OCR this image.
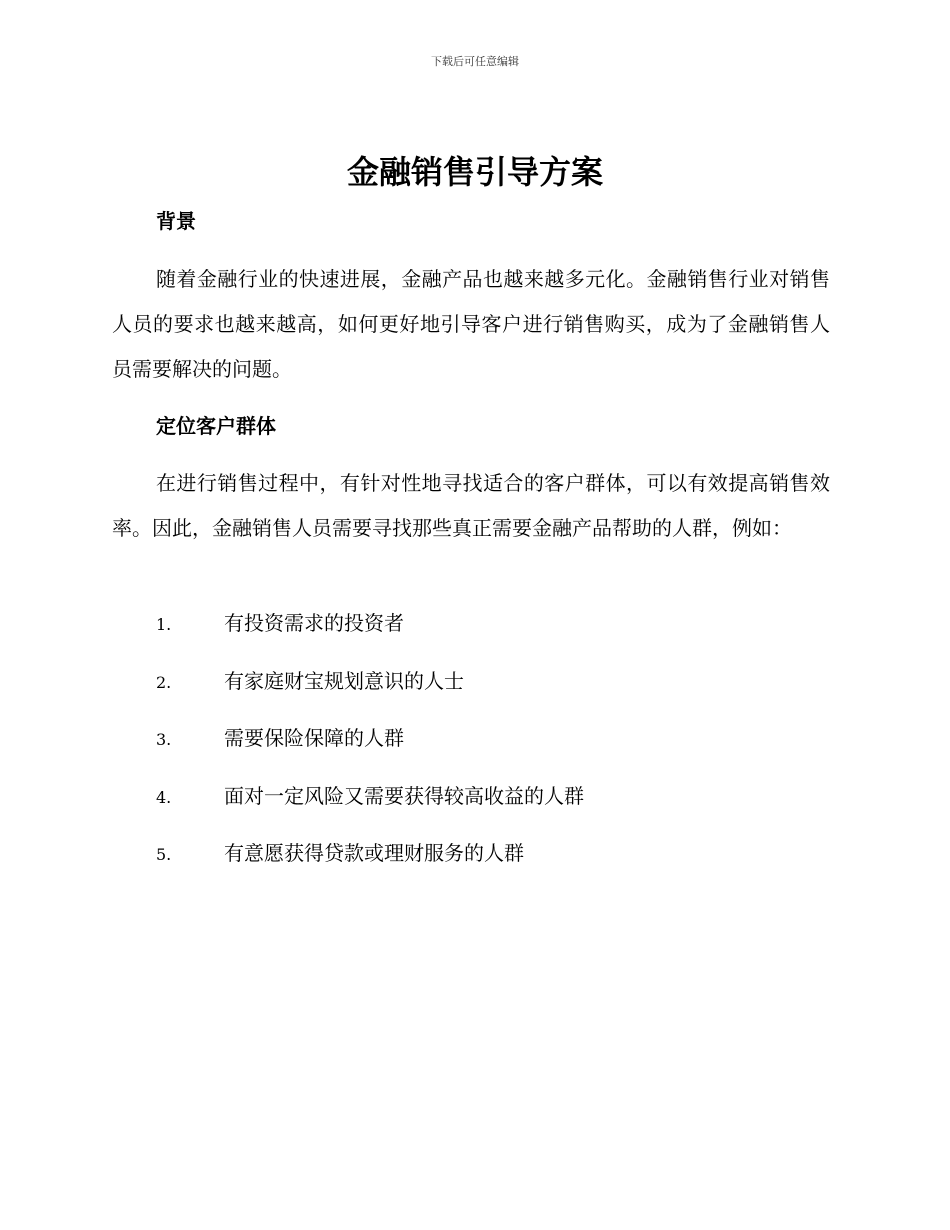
下载后可任意编辑
金融销售引导方案
背景

随着金融行业的快速进展，金融产品也越来越多元化。金融销售行业对销售人员的要求也越来越高，如何更好地引导客户进行销售购买，成为了金融销售人员需要解决的问题。

定位客户群体

在进行销售过程中，有针对性地寻找适合的客户群体，可以有效提高销售效率。因此，金融销售人员需要寻找那些真正需要金融产品帮助的人群，例如：

1.	有投资需求的投资者
2.	有家庭财宝规划意识的人士
3.	需要保险保障的人群
4.	面对一定风险又需要获得较高收益的人群
5.	有意愿获得贷款或理财服务的人群
